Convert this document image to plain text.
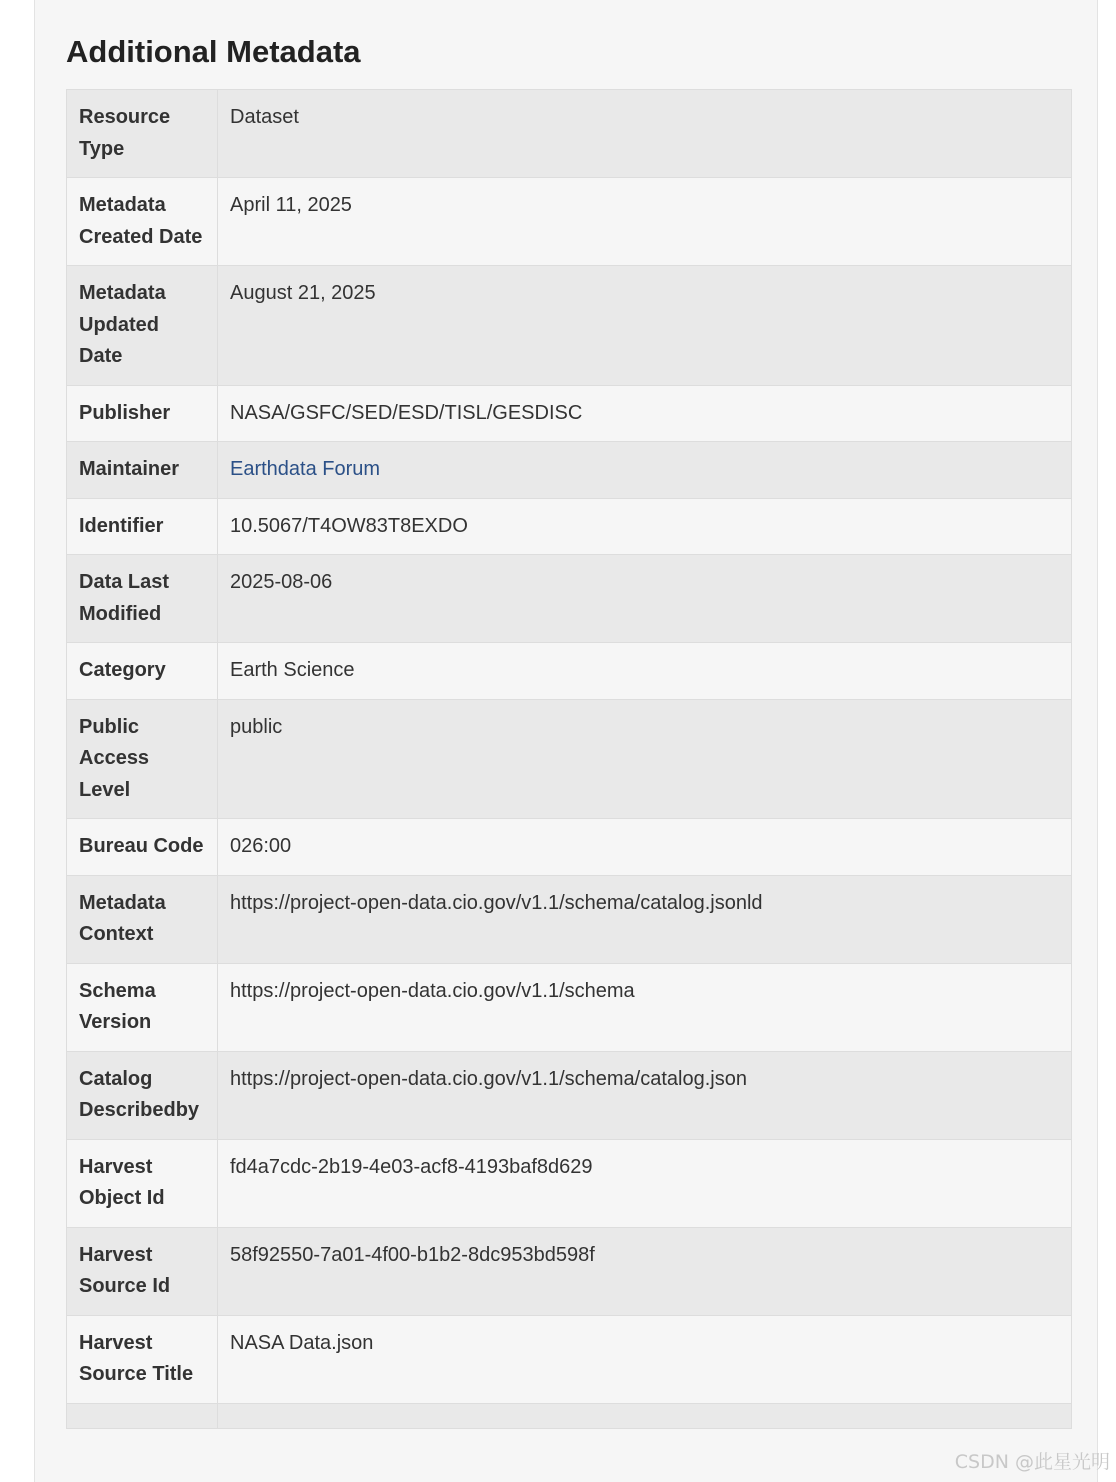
Additional Metadata
Resource Type	Dataset
Metadata Created Date	April 11, 2025
Metadata Updated Date	August 21, 2025
Publisher	NASA/GSFC/SED/ESD/TISL/GESDISC
Maintainer	Earthdata Forum
Identifier	10.5067/T4OW83T8EXDO
Data Last Modified	2025-08-06
Category	Earth Science
Public Access Level	public
Bureau Code	026:00
Metadata Context	https://project-open-data.cio.gov/v1.1/schema/catalog.jsonld
Schema Version	https://project-open-data.cio.gov/v1.1/schema
Catalog Describedby	https://project-open-data.cio.gov/v1.1/schema/catalog.json
Harvest Object Id	fd4a7cdc-2b19-4e03-acf8-4193baf8d629
Harvest Source Id	58f92550-7a01-4f00-b1b2-8dc953bd598f
Harvest Source Title	NASA Data.json

CSDN @此星光明
